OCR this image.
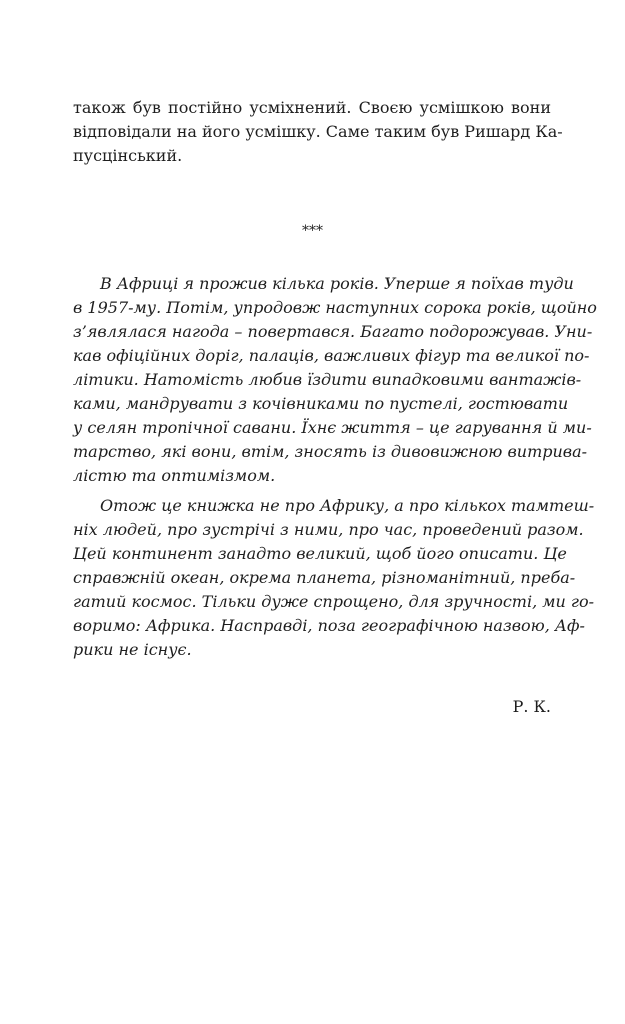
також був постійно усміхнений. Своєю усмішкою вони
відповідали на його усмішку. Саме таким був Ришард Ка-
пусцінський.
***
В Африці я прожив кілька років. Уперше я поїхав туди
в 1957-му. Потім, упродовж наступних сорока років, щойно
з’являлася нагода – повертався. Багато подорожував. Уни-
кав офіційних доріг, палаців, важливих фігур та великої по-
літики. Натомість любив їздити випадковими вантажів-
ками, мандрувати з кочівниками по пустелі, гостювати
у селян тропічної савани. Їхнє життя – це гарування й ми-
тарство, які вони, втім, зносять із дивовижною витрива-
лістю та оптимізмом.
Отож це книжка не про Африку, а про кількох тамтеш-
ніх людей, про зустрічі з ними, про час, проведений разом.
Цей континент занадто великий, щоб його описати. Це
справжній океан, окрема планета, різноманітний, преба-
гатий космос. Тільки дуже спрощено, для зручності, ми го-
воримо: Африка. Насправді, поза географічною назвою, Аф-
рики не існує.
Р. К.
